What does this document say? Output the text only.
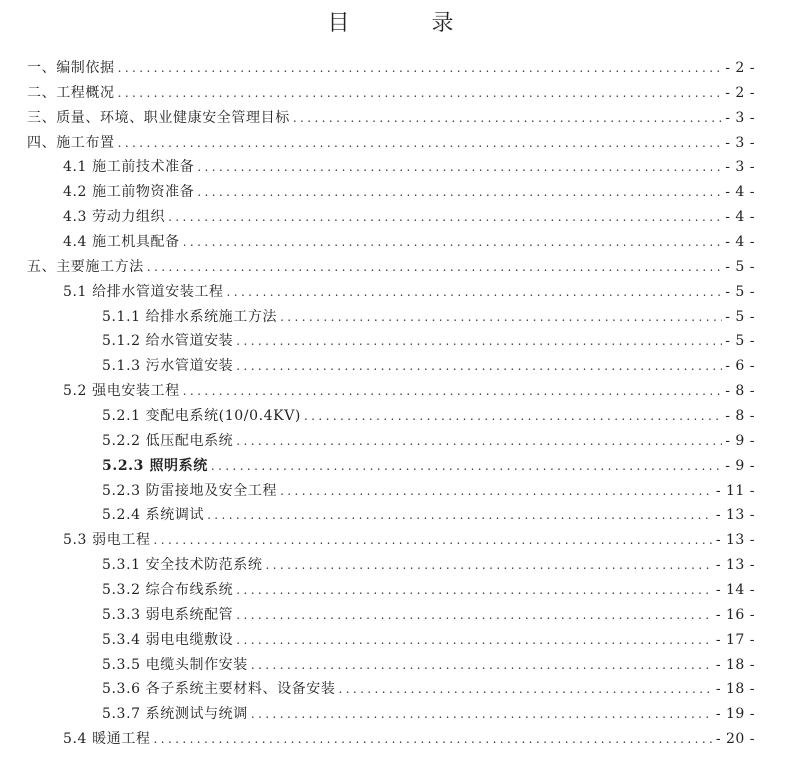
目　录
一、编制依据 .....	- 2 -
二、工程概况 .....	- 2 -
三、质量、环境、职业健康安全管理目标 .....	- 3 -
四、施工布置 .....	- 3 -
4.1 施工前技术准备 .....	- 3 -
4.2 施工前物资准备 .....	- 4 -
4.3 劳动力组织 .....	- 4 -
4.4 施工机具配备 .....	- 4 -
五、主要施工方法 .....	- 5 -
5.1 给排水管道安装工程 .....	- 5 -
5.1.1 给排水系统施工方法 .....	- 5 -
5.1.2 给水管道安装 .....	- 5 -
5.1.3 污水管道安装 .....	- 6 -
5.2 强电安装工程 .....	- 8 -
5.2.1 变配电系统(10/0.4KV) .....	- 8 -
5.2.2 低压配电系统 .....	- 9 -
5.2.3 照明系统 .....	- 9 -
5.2.3 防雷接地及安全工程 .....	- 11 -
5.2.4 系统调试 .....	- 13 -
5.3 弱电工程 .....	- 13 -
5.3.1 安全技术防范系统 .....	- 13 -
5.3.2 综合布线系统 .....	- 14 -
5.3.3 弱电系统配管 .....	- 16 -
5.3.4 弱电电缆敷设 .....	- 17 -
5.3.5 电缆头制作安装 .....	- 18 -
5.3.6 各子系统主要材料、设备安装 .....	- 18 -
5.3.7 系统测试与统调 .....	- 19 -
5.4 暖通工程 .....	- 20 -
